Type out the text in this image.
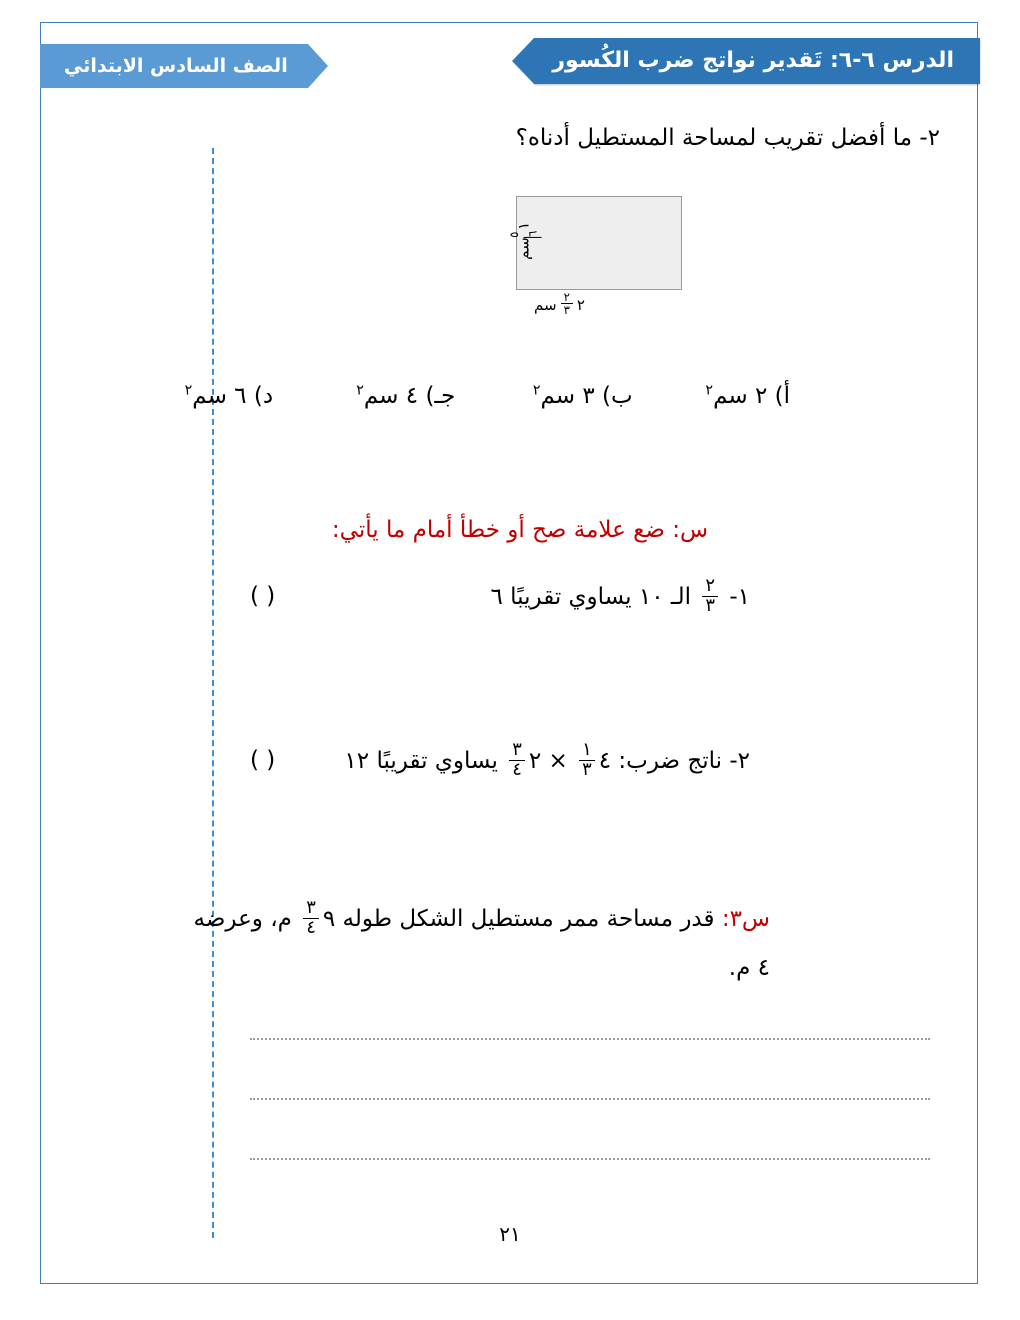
الدرس ٦-٦: تَقدير نواتج ضرب الكُسور
الصف السادس الابتدائي
٢- ما أفضل تقريب لمساحة المستطيل أدناه؟
١
٥ ٦
سم
٢
$\frac{٢}{٣}$
سم
أ) ٢ سم$^٢$ ب) ٣ سم$^٢$ جـ) ٤ سم$^٢$ د) ٦ سم$^٢$
س: ضع علامة صح أو خطأ أمام ما يأتي:
١-
$\frac{٢}{٣}$
الـ ١٠ يساوي تقريبًا ٦
( )
٢- ناتج ضرب:
٤
$\frac{١}{٣}$
×
٢
$\frac{٣}{٤}$
يساوي تقريبًا ١٢
( )
س٣: قدر مساحة ممر مستطيل الشكل طوله
٩
$\frac{٣}{٤}$
م، وعرضه
٤ م.
٢١
